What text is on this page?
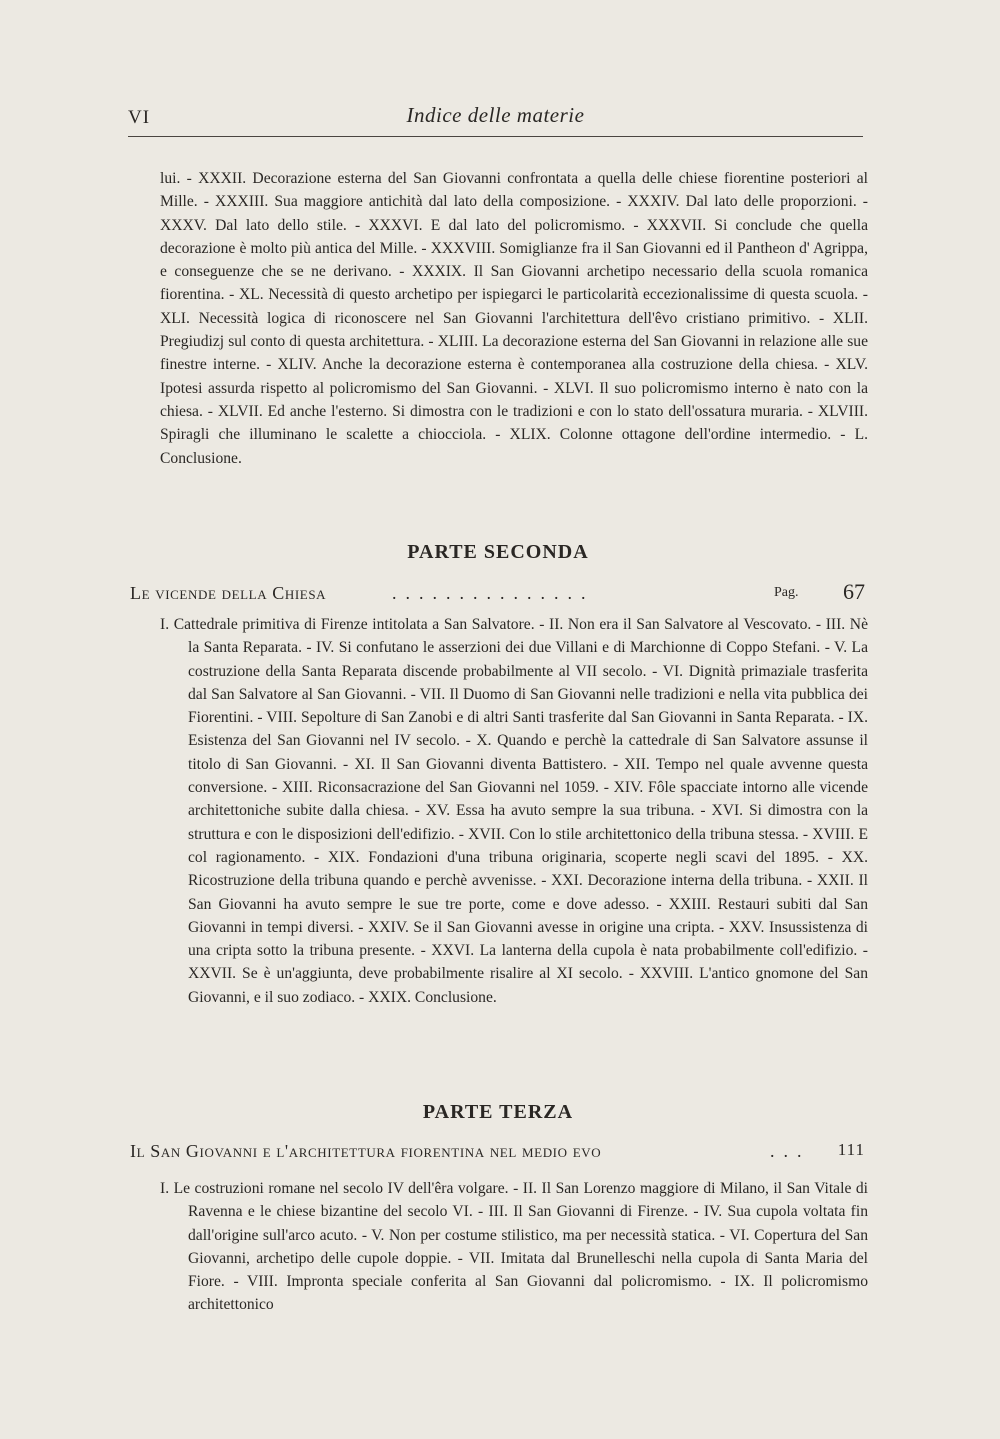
VI	Indice delle materie

lui. - XXXII. Decorazione esterna del San Giovanni confrontata a quella delle chiese fiorentine posteriori al Mille. - XXXIII. Sua maggiore antichità dal lato della composizione. - XXXIV. Dal lato delle proporzioni. - XXXV. Dal lato dello stile. - XXXVI. E dal lato del policromismo. - XXXVII. Si conclude che quella decorazione è molto più antica del Mille. - XXXVIII. Somiglianze fra il San Giovanni ed il Pantheon d' Agrippa, e conseguenze che se ne derivano. - XXXIX. Il San Giovanni archetipo necessario della scuola romanica fiorentina. - XL. Necessità di questo archetipo per ispiegarci le particolarità eccezionalissime di questa scuola. - XLI. Necessità logica di riconoscere nel San Giovanni l'architettura dell'êvo cristiano primitivo. - XLII. Pregiudizj sul conto di questa architettura. - XLIII. La decorazione esterna del San Giovanni in relazione alle sue finestre interne. - XLIV. Anche la decorazione esterna è contemporanea alla costruzione della chiesa. - XLV. Ipotesi assurda rispetto al policromismo del San Giovanni. - XLVI. Il suo policromismo interno è nato con la chiesa. - XLVII. Ed anche l'esterno. Si dimostra con le tradizioni e con lo stato dell'ossatura muraria. - XLVIII. Spiragli che illuminano le scalette a chiocciola. - XLIX. Colonne ottagone dell'ordine intermedio. - L. Conclusione.

PARTE SECONDA
Le vicende della Chiesa	...............	Pag. 67

I. Cattedrale primitiva di Firenze intitolata a San Salvatore. - II. Non era il San Salvatore al Vescovato. - III. Nè la Santa Reparata. - IV. Si confutano le asserzioni dei due Villani e di Marchionne di Coppo Stefani. - V. La costruzione della Santa Reparata discende probabilmente al VII secolo. - VI. Dignità primaziale trasferita dal San Salvatore al San Giovanni. - VII. Il Duomo di San Giovanni nelle tradizioni e nella vita pubblica dei Fiorentini. - VIII. Sepolture di San Zanobi e di altri Santi trasferite dal San Giovanni in Santa Reparata. - IX. Esistenza del San Giovanni nel IV secolo. - X. Quando e perchè la cattedrale di San Salvatore assunse il titolo di San Giovanni. - XI. Il San Giovanni diventa Battistero. - XII. Tempo nel quale avvenne questa conversione. - XIII. Riconsacrazione del San Giovanni nel 1059. - XIV. Fôle spacciate intorno alle vicende architettoniche subite dalla chiesa. - XV. Essa ha avuto sempre la sua tribuna. - XVI. Si dimostra con la struttura e con le disposizioni dell'edifizio. - XVII. Con lo stile architettonico della tribuna stessa. - XVIII. E col ragionamento. - XIX. Fondazioni d'una tribuna originaria, scoperte negli scavi del 1895. - XX. Ricostruzione della tribuna quando e perchè avvenisse. - XXI. Decorazione interna della tribuna. - XXII. Il San Giovanni ha avuto sempre le sue tre porte, come e dove adesso. - XXIII. Restauri subiti dal San Giovanni in tempi diversi. - XXIV. Se il San Giovanni avesse in origine una cripta. - XXV. Insussistenza di una cripta sotto la tribuna presente. - XXVI. La lanterna della cupola è nata probabilmente coll'edifizio. - XXVII. Se è un'aggiunta, deve probabilmente risalire al XI secolo. - XXVIII. L'antico gnomone del San Giovanni, e il suo zodiaco. - XXIX. Conclusione.

PARTE TERZA
Il San Giovanni e l'architettura fiorentina nel medio evo	... 111

I. Le costruzioni romane nel secolo IV dell'êra volgare. - II. Il San Lorenzo maggiore di Milano, il San Vitale di Ravenna e le chiese bizantine del secolo VI. - III. Il San Giovanni di Firenze. - IV. Sua cupola voltata fin dall'origine sull'arco acuto. - V. Non per costume stilistico, ma per necessità statica. - VI. Copertura del San Giovanni, archetipo delle cupole doppie. - VII. Imitata dal Brunelleschi nella cupola di Santa Maria del Fiore. - VIII. Impronta speciale conferita al San Giovanni dal policromismo. - IX. Il policromismo architettonico
